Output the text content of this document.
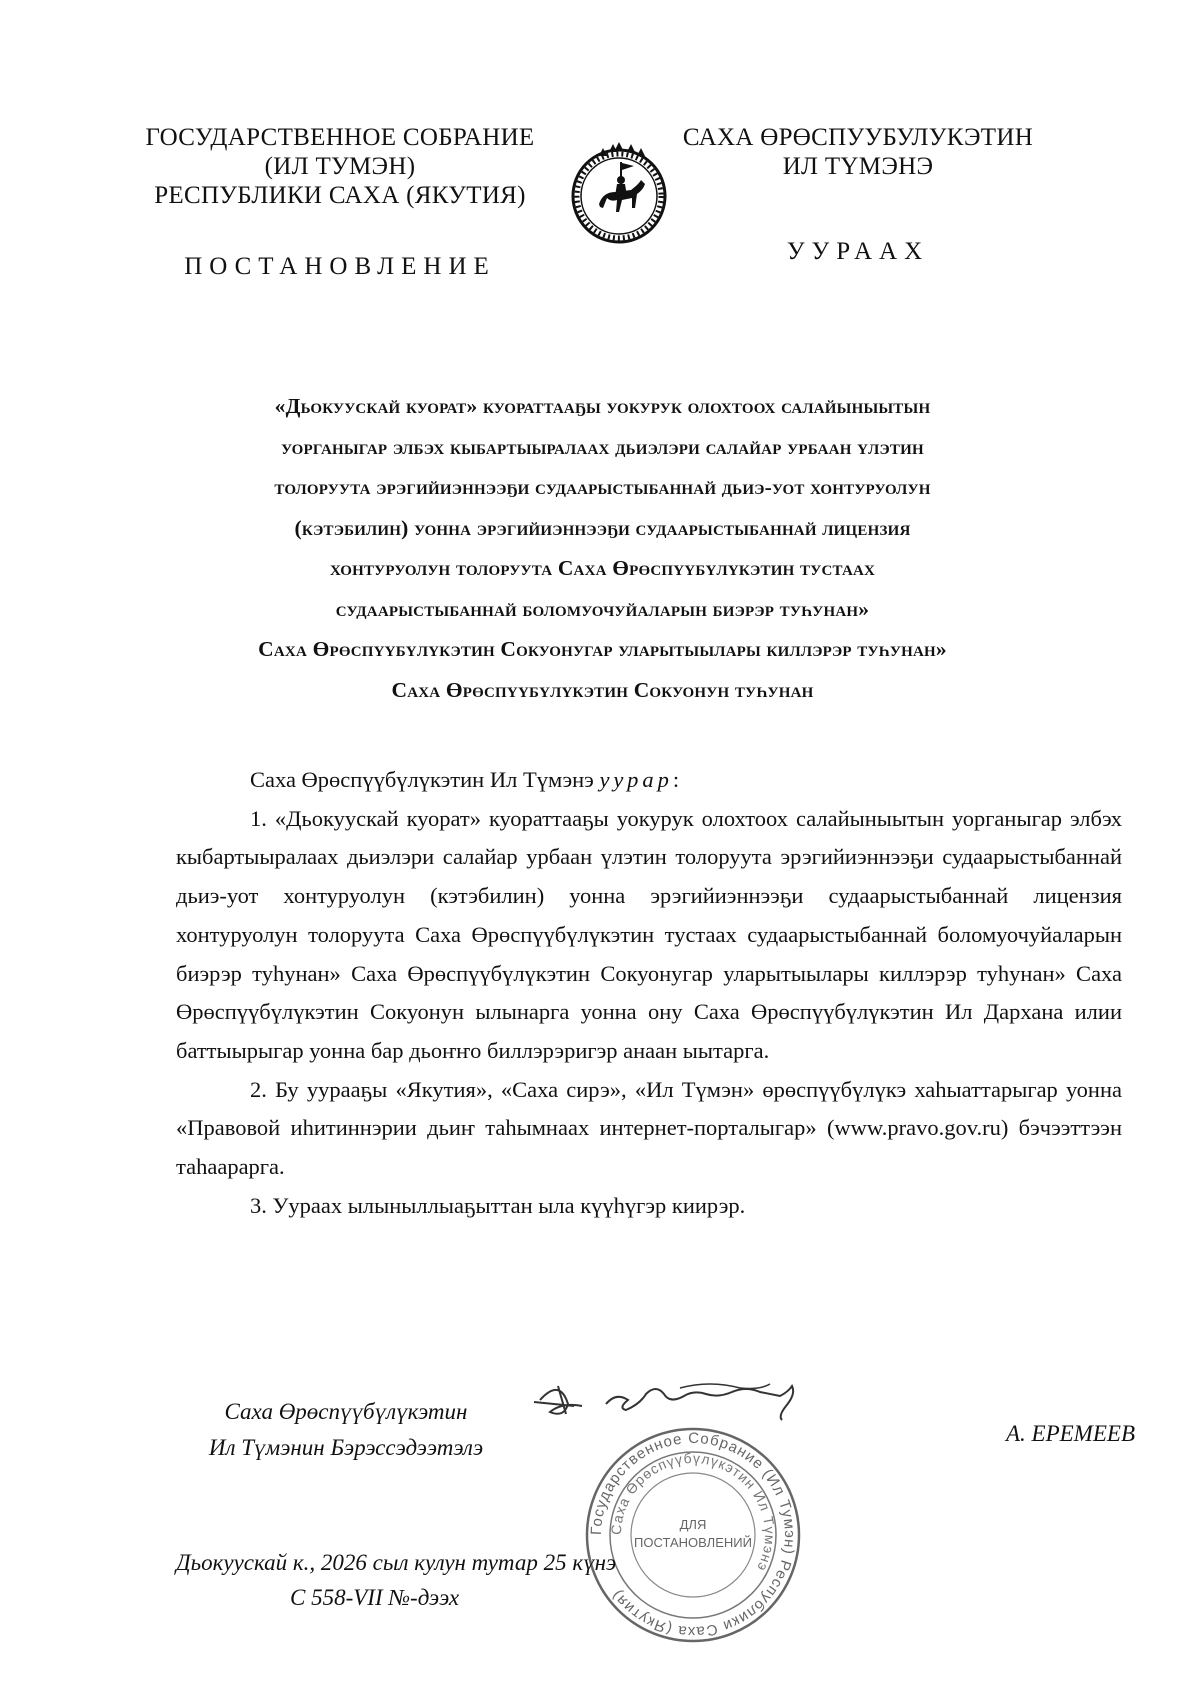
ГОСУДАРСТВЕННОЕ СОБРАНИЕ
(ИЛ ТУМЭН)
РЕСПУБЛИКИ САХА (ЯКУТИЯ)
ПОСТАНОВЛЕНИЕ
САХА ӨРӨСПУУБУЛУКЭТИН
ИЛ ТҮМЭНЭ
УУРААХ
«Дьокуускай куорат» куораттааҕы уокурук олохтоох салайыныытын
уорганыгар элбэх кыбартыыралаах дьиэлэри салайар урбаан үлэтин
толоруута эрэгийиэннээҕи судаарыстыбаннай дьиэ-уот хонтуруолун
(кэтэбилин) уонна эрэгийиэннээҕи судаарыстыбаннай лицензия
хонтуруолун толоруута Саха Өрөспүүбүлүкэтин тустаах
судаарыстыбаннай боломуочуйаларын биэрэр туһунан»
Саха Өрөспүүбүлүкэтин Сокуонугар уларытыылары киллэрэр туһунан»
Саха Өрөспүүбүлүкэтин Сокуонун туһунан

Саха Өрөспүүбүлүкэтин Ил Түмэнэ уурар:

1. «Дьокуускай куорат» куораттааҕы уокурук олохтоох салайыныытын уорганыгар элбэх кыбартыыралаах дьиэлэри салайар урбаан үлэтин толоруута эрэгийиэннээҕи судаарыстыбаннай дьиэ-уот хонтуруолун (кэтэбилин) уонна эрэгийиэннээҕи судаарыстыбаннай лицензия хонтуруолун толоруута Саха Өрөспүүбүлүкэтин тустаах судаарыстыбаннай боломуочуйаларын биэрэр туһунан» Саха Өрөспүүбүлүкэтин Сокуонугар уларытыылары киллэрэр туһунан» Саха Өрөспүүбүлүкэтин Сокуонун ылынарга уонна ону Саха Өрөспүүбүлүкэтин Ил Дархана илии баттыырыгар уонна бар дьоҥҥо биллэрэригэр анаан ыытарга.

2. Бу уурааҕы «Якутия», «Саха сирэ», «Ил Түмэн» өрөспүүбүлүкэ хаһыаттарыгар уонна «Правовой иһитиннэрии дьиҥ таһымнаах интернет-порталыгар» (www.pravo.gov.ru) бэчээттээн таһаарарга.

3. Уураах ылыныллыаҕыттан ыла күүһүгэр киирэр.

Государственное Собрание (Ил Тумэн) Республики Саха (Якутия)
Саха Өрөспүүбүлүкэтин Ил Түмэнэ
ДЛЯ
ПОСТАНОВЛЕНИЙ
Саха Өрөспүүбүлүкэтин
Ил Түмэнин Бэрэссэдээтэлэ
А. ЕРЕМЕЕВ
Дьокуускай к., 2026 сыл кулун тутар 25 күнэ
С 558-VII №-дээх
